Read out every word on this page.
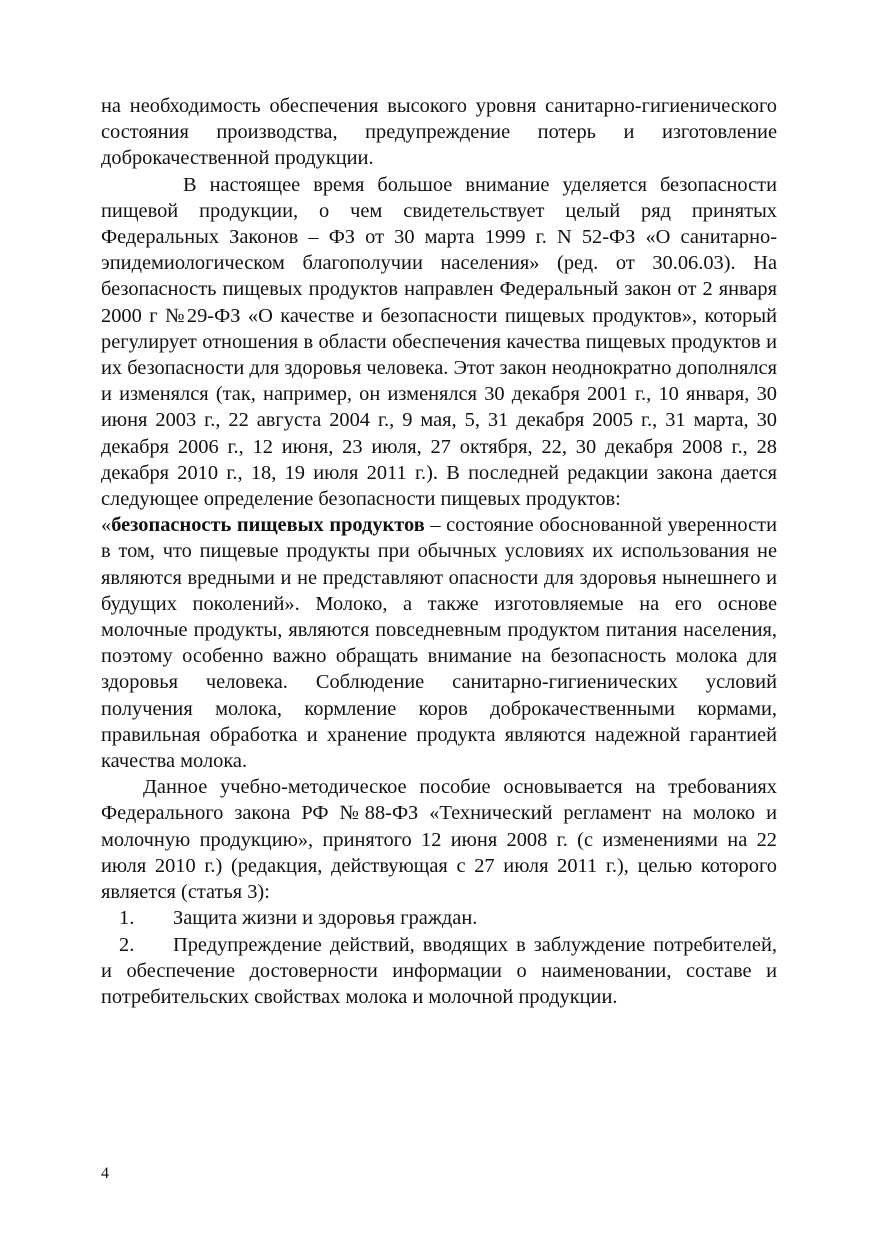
на необходимость обеспечения высокого уровня санитарно-гигиенического состояния производства, предупреждение потерь и изготовление доброкачественной продукции.

В настоящее время большое внимание уделяется безопасности пищевой продукции, о чем свидетельствует целый ряд принятых Федеральных Законов – ФЗ от 30 марта 1999 г. N 52-ФЗ «О санитарно-эпидемиологическом благополучии населения» (ред. от 30.06.03). На безопасность пищевых продуктов направлен Федеральный закон от 2 января 2000 г №29-ФЗ «О качестве и безопасности пищевых продуктов», который регулирует отношения в области обеспечения качества пищевых продуктов и их безопасности для здоровья человека. Этот закон неоднократно дополнялся и изменялся (так, например, он изменялся 30 декабря 2001 г., 10 января, 30 июня 2003 г., 22 августа 2004 г., 9 мая, 5, 31 декабря 2005 г., 31 марта, 30 декабря 2006 г., 12 июня, 23 июля, 27 октября, 22, 30 декабря 2008 г., 28 декабря 2010 г., 18, 19 июля 2011 г.). В последней редакции закона дается следующее определение безопасности пищевых продуктов:

«безопасность пищевых продуктов – состояние обоснованной уверенности в том, что пищевые продукты при обычных условиях их использования не являются вредными и не представляют опасности для здоровья нынешнего и будущих поколений». Молоко, а также изготовляемые на его основе молочные продукты, являются повседневным продуктом питания населения, поэтому особенно важно обращать внимание на безопасность молока для здоровья человека. Соблюдение санитарно-гигиенических условий получения молока, кормление коров доброкачественными кормами, правильная обработка и хранение продукта являются надежной гарантией качества молока.

Данное учебно-методическое пособие основывается на требованиях Федерального закона РФ №88-ФЗ «Технический регламент на молоко и молочную продукцию», принятого 12 июня 2008 г. (с изменениями на 22 июля 2010 г.) (редакция, действующая с 27 июля 2011 г.), целью которого является (статья 3):

1. Защита жизни и здоровья граждан.

2. Предупреждение действий, вводящих в заблуждение потребителей, и обеспечение достоверности информации о наименовании, составе и потребительских свойствах молока и молочной продукции.

4
